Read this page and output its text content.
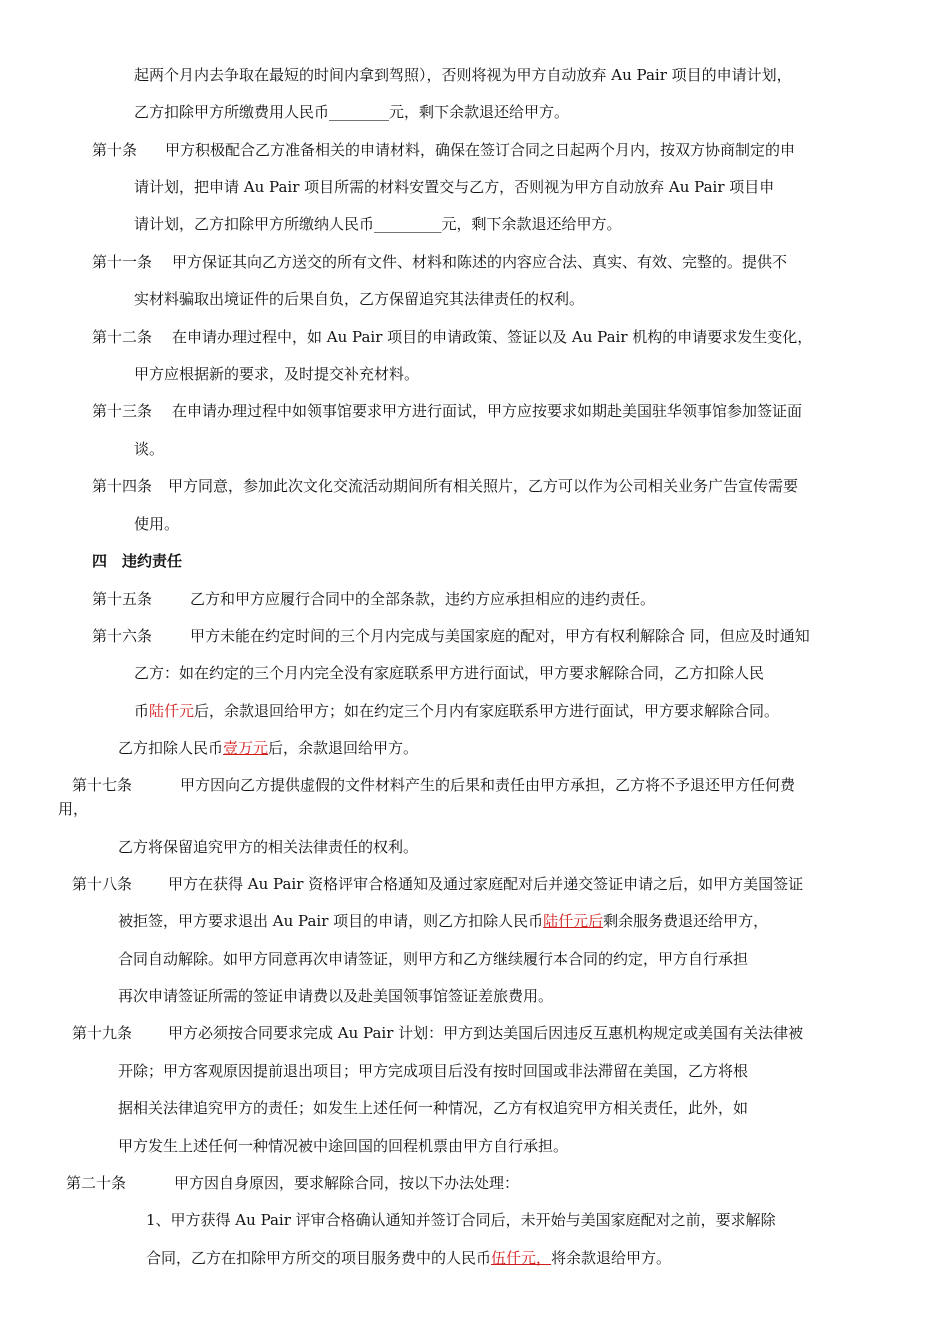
起两个月内去争取在最短的时间内拿到驾照），否则将视为甲方自动放弃 Au Pair 项目的申请计划，
乙方扣除甲方所缴费用人民币________元，剩下余款退还给甲方。
第十条 甲方积极配合乙方准备相关的申请材料，确保在签订合同之日起两个月内，按双方协商制定的申
请计划，把申请 Au Pair 项目所需的材料安置交与乙方，否则视为甲方自动放弃 Au Pair 项目申
请计划，乙方扣除甲方所缴纳人民币_________元，剩下余款退还给甲方。
第十一条 甲方保证其向乙方送交的所有文件、材料和陈述的内容应合法、真实、有效、完整的。提供不
实材料骗取出境证件的后果自负，乙方保留追究其法律责任的权利。
第十二条 在申请办理过程中，如 Au Pair 项目的申请政策、签证以及 Au Pair 机构的申请要求发生变化，
甲方应根据新的要求，及时提交补充材料。
第十三条 在申请办理过程中如领事馆要求甲方进行面试，甲方应按要求如期赴美国驻华领事馆参加签证面
谈。
第十四条 甲方同意，参加此次文化交流活动期间所有相关照片，乙方可以作为公司相关业务广告宣传需要
使用。
四　违约责任
第十五条	乙方和甲方应履行合同中的全部条款，违约方应承担相应的违约责任。
第十六条	甲方未能在约定时间的三个月内完成与美国家庭的配对，甲方有权利解除合 同，但应及时通知
乙方：如在约定的三个月内完全没有家庭联系甲方进行面试，甲方要求解除合同，乙方扣除人民
币陆仟元后，余款退回给甲方；如在约定三个月内有家庭联系甲方进行面试，甲方要求解除合同。
乙方扣除人民币壹万元后，余款退回给甲方。
第十七条	甲方因向乙方提供虚假的文件材料产生的后果和责任由甲方承担，乙方将不予退还甲方任何费
用，
乙方将保留追究甲方的相关法律责任的权利。
第十八条 甲方在获得 Au Pair 资格评审合格通知及通过家庭配对后并递交签证申请之后，如甲方美国签证
被拒签，甲方要求退出 Au Pair 项目的申请，则乙方扣除人民币陆仟元后剩余服务费退还给甲方，
合同自动解除。如甲方同意再次申请签证，则甲方和乙方继续履行本合同的约定，甲方自行承担
再次申请签证所需的签证申请费以及赴美国领事馆签证差旅费用。
第十九条 甲方必须按合同要求完成 Au Pair 计划：甲方到达美国后因违反互惠机构规定或美国有关法律被
开除；甲方客观原因提前退出项目；甲方完成项目后没有按时回国或非法滞留在美国，乙方将根
据相关法律追究甲方的责任；如发生上述任何一种情况，乙方有权追究甲方相关责任，此外，如
甲方发生上述任何一种情况被中途回国的回程机票由甲方自行承担。
第二十条	甲方因自身原因，要求解除合同，按以下办法处理：
1、甲方获得 Au Pair 评审合格确认通知并签订合同后，未开始与美国家庭配对之前，要求解除
合同，乙方在扣除甲方所交的项目服务费中的人民币伍仟元，将余款退给甲方。
